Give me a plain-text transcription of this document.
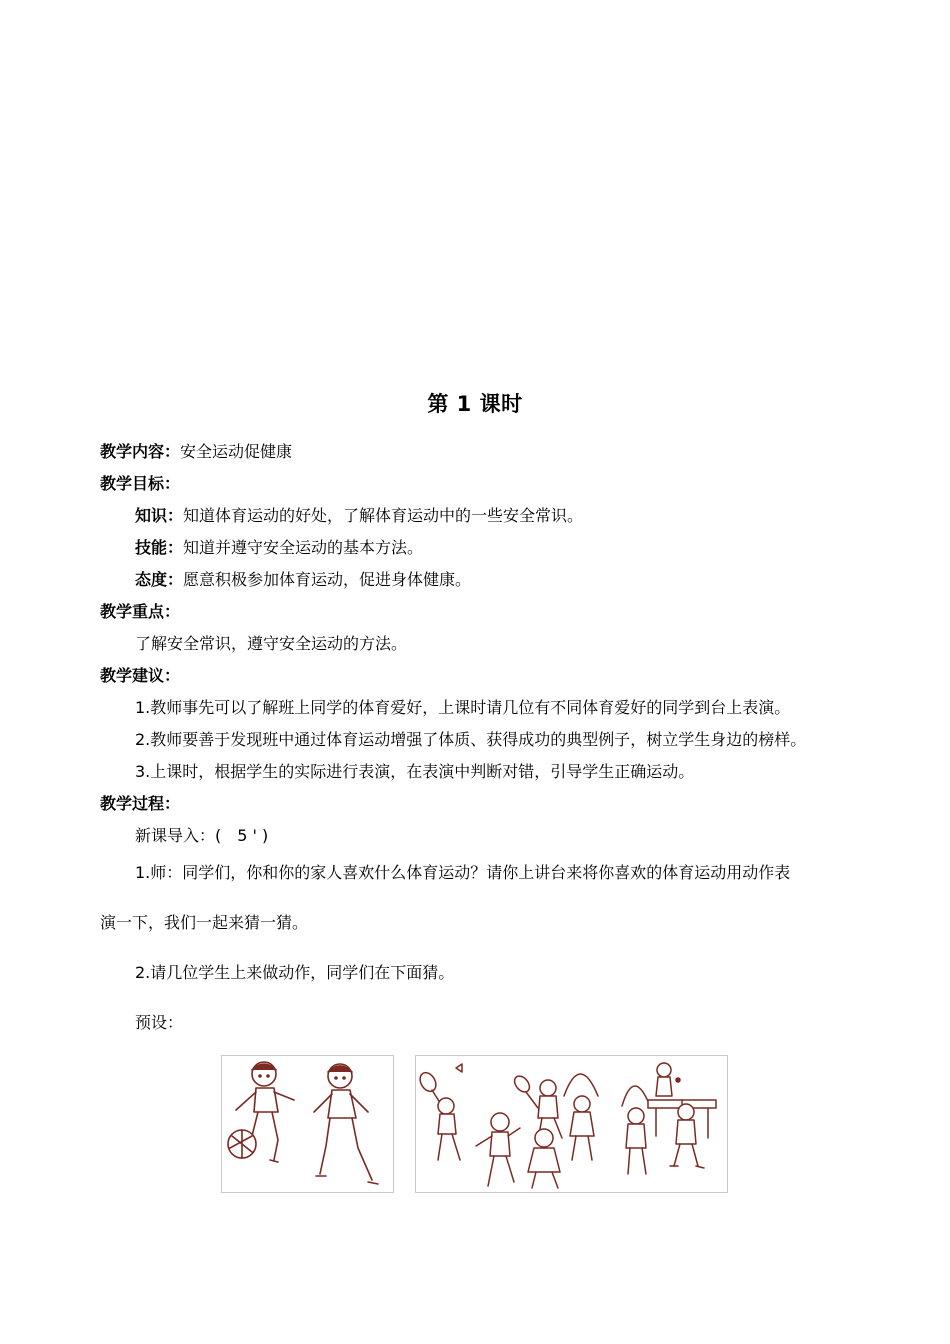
第 1 课时
教学内容：安全运动促健康
教学目标：
知识：知道体育运动的好处，了解体育运动中的一些安全常识。
技能：知道并遵守安全运动的基本方法。
态度：愿意积极参加体育运动，促进身体健康。
教学重点：
了解安全常识，遵守安全运动的方法。
教学建议：
1.教师事先可以了解班上同学的体育爱好，上课时请几位有不同体育爱好的同学到台上表演。
2.教师要善于发现班中通过体育运动增强了体质、获得成功的典型例子，树立学生身边的榜样。
3.上课时，根据学生的实际进行表演，在表演中判断对错，引导学生正确运动。
教学过程：
新课导入：(　5 ' )
1.师：同学们，你和你的家人喜欢什么体育运动？请你上讲台来将你喜欢的体育运动用动作表
演一下，我们一起来猜一猜。
2.请几位学生上来做动作，同学们在下面猜。
预设：
